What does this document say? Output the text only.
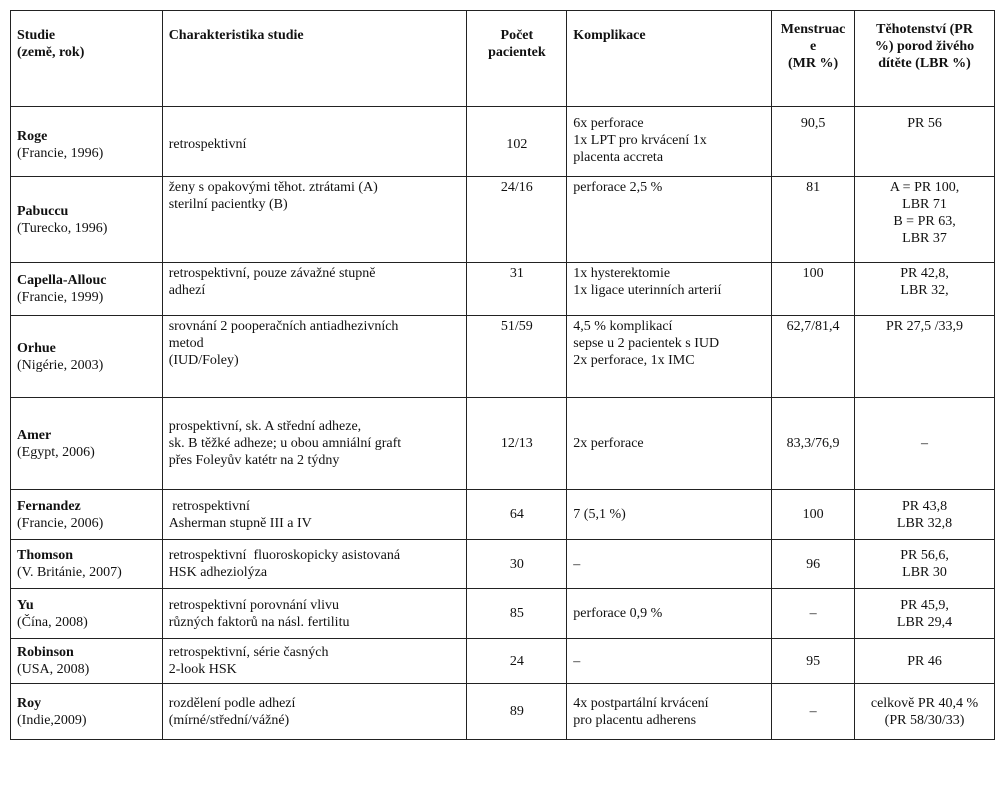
Studie
(země, rok)	Charakteristika studie	Počet
pacientek	Komplikace	Menstruac
e
(MR %)	Těhotenství (PR
%) porod živého
dítěte (LBR %)

Roge
(Francie, 1996)	retrospektivní	102	6x perforace
1x LPT pro krvácení 1x
placenta accreta	90,5	PR 56

Pabuccu
(Turecko, 1996)	ženy s opakovými těhot. ztrátami (A)
sterilní pacientky (B)	24/16	perforace 2,5 %	81	A = PR 100,
LBR 71
B = PR 63,
LBR 37

Capella-Allouc
(Francie, 1999)	retrospektivní, pouze závažné stupně
adhezí	31	1x hysterektomie
1x ligace uterinních arterií	100	PR 42,8,
LBR 32,

Orhue
(Nigérie, 2003)	srovnání 2 pooperačních antiadhezivních
metod
(IUD/Foley)	51/59	4,5 % komplikací
sepse u 2 pacientek s IUD
2x perforace, 1x IMC	62,7/81,4	PR 27,5 /33,9

Amer
(Egypt, 2006)	prospektivní, sk. A střední adheze,
sk. B těžké adheze; u obou amniální graft
přes Foleyův katétr na 2 týdny	12/13	2x perforace	83,3/76,9	–

Fernandez
(Francie, 2006)	retrospektivní
Asherman stupně III a IV	64	7 (5,1 %)	100	PR 43,8
LBR 32,8

Thomson
(V. Británie, 2007)	retrospektivní  fluoroskopicky asistovaná
HSK adheziolýza	30	–	96	PR 56,6,
LBR 30

Yu
(Čína, 2008)	retrospektivní porovnání vlivu
různých faktorů na násl. fertilitu	85	perforace 0,9 %	–	PR 45,9,
LBR 29,4

Robinson
(USA, 2008)	retrospektivní, série časných
2-look HSK	24	–	95	PR 46

Roy
(Indie,2009)	rozdělení podle adhezí
(mírné/střední/vážné)	89	4x postpartální krvácení
pro placentu adherens	–	celkově PR 40,4 %
(PR 58/30/33)
